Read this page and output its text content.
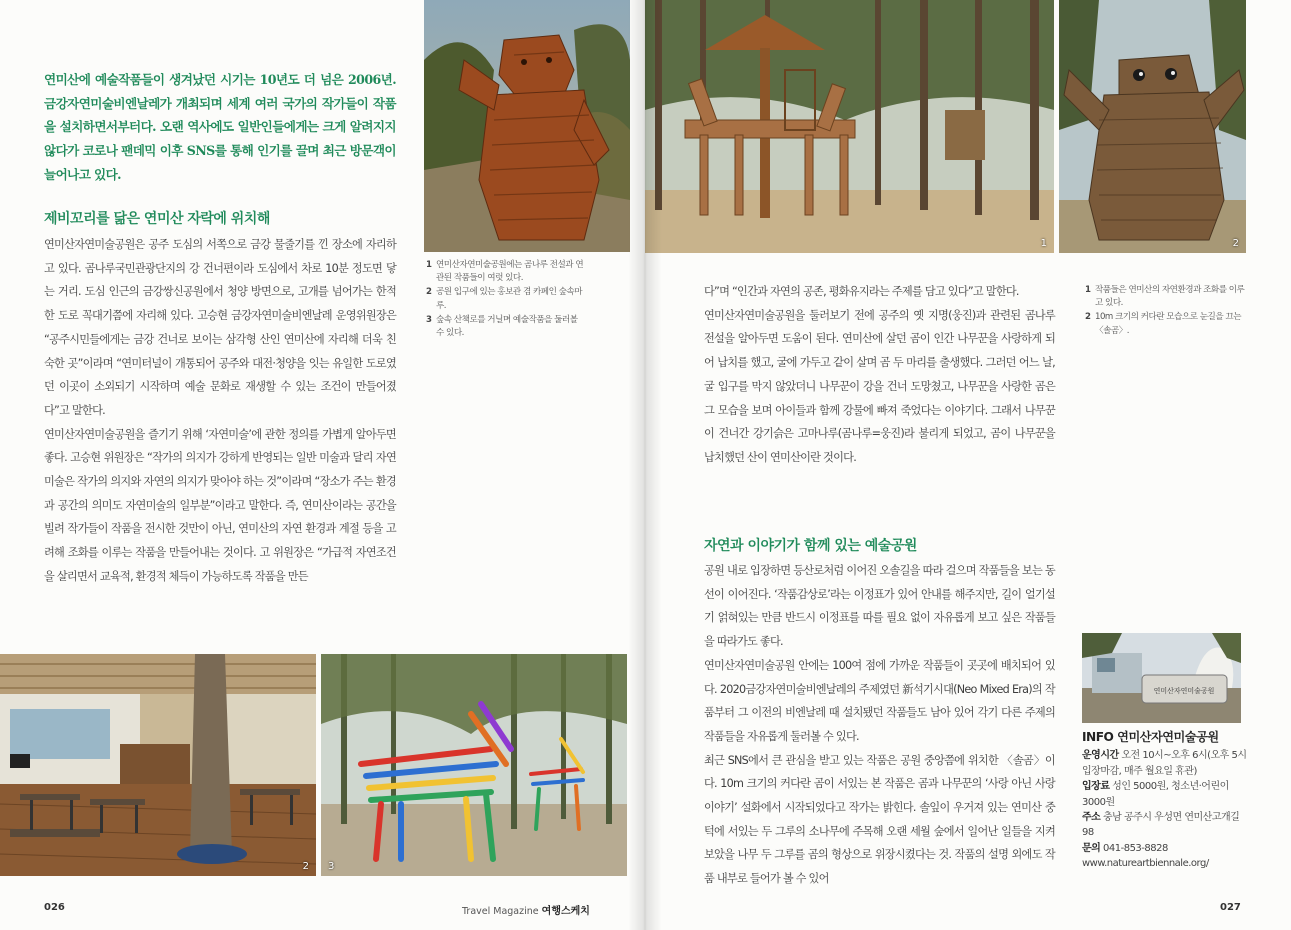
2 3
1	2
연미산자연미술공원
연미산에 예술작품들이 생겨났던 시기는 10년도 더 넘은 2006년. 금강자연미술비엔날레가 개최되며 세계 여러 국가의 작가들이 작품을 설치하면서부터다. 오랜 역사에도 일반인들에게는 크게 알려지지 않다가 코로나 팬데믹 이후 SNS를 통해 인기를 끌며 최근 방문객이 늘어나고 있다.
제비꼬리를 닮은 연미산 자락에 위치해

연미산자연미술공원은 공주 도심의 서쪽으로 금강 물줄기를 낀 장소에 자리하고 있다. 곰나루국민관광단지의 강 건너편이라 도심에서 차로 10분 정도면 닿는 거리. 도심 인근의 금강쌍신공원에서 청양 방면으로, 고개를 넘어가는 한적한 도로 꼭대기쯤에 자리해 있다. 고승현 금강자연미술비엔날레 운영위원장은 “공주시민들에게는 금강 건너로 보이는 삼각형 산인 연미산에 자리해 더욱 친숙한 곳”이라며 “연미터널이 개통되어 공주와 대전·청양을 잇는 유일한 도로였던 이곳이 소외되기 시작하며 예술 문화로 재생할 수 있는 조건이 만들어졌다”고 말한다.

연미산자연미술공원을 즐기기 위해 ‘자연미술’에 관한 정의를 가볍게 알아두면 좋다. 고승현 위원장은 “작가의 의지가 강하게 반영되는 일반 미술과 달리 자연미술은 작가의 의지와 자연의 의지가 맞아야 하는 것”이라며 “장소가 주는 환경과 공간의 의미도 자연미술의 일부분”이라고 말한다. 즉, 연미산이라는 공간을 빌려 작가들이 작품을 전시한 것만이 아닌, 연미산의 자연 환경과 계절 등을 고려해 조화를 이루는 작품을 만들어내는 것이다. 고 위원장은 “가급적 자연조건을 살리면서 교육적, 환경적 체득이 가능하도록 작품을 만든

1 연미산자연미술공원에는 곰나루 전설과 연관된 작품들이 여럿 있다.
2 공원 입구에 있는 홍보관 겸 카페인 숲속마루.
3 숲속 산책로를 거닐며 예술작품을 둘러볼 수 있다.

다”며 “인간과 자연의 공존, 평화유지라는 주제를 담고 있다”고 말한다.

연미산자연미술공원을 둘러보기 전에 공주의 옛 지명(웅진)과 관련된 곰나루 전설을 알아두면 도움이 된다. 연미산에 살던 곰이 인간 나무꾼을 사랑하게 되어 납치를 했고, 굴에 가두고 같이 살며 곰 두 마리를 출생했다. 그러던 어느 날, 굴 입구를 막지 않았더니 나무꾼이 강을 건너 도망쳤고, 나무꾼을 사랑한 곰은 그 모습을 보며 아이들과 함께 강물에 빠져 죽었다는 이야기다. 그래서 나무꾼이 건너간 강기슭은 고마나루(곰나루=웅진)라 불리게 되었고, 곰이 나무꾼을 납치했던 산이 연미산이란 것이다.

1 작품들은 연미산의 자연환경과 조화를 이루고 있다.
2 10m 크기의 커다란 모습으로 눈길을 끄는 〈솔곰〉.
자연과 이야기가 함께 있는 예술공원

공원 내로 입장하면 등산로처럼 이어진 오솔길을 따라 걸으며 작품들을 보는 동선이 이어진다. ‘작품감상로’라는 이정표가 있어 안내를 해주지만, 길이 얼기설기 얽혀있는 만큼 반드시 이정표를 따를 필요 없이 자유롭게 보고 싶은 작품들을 따라가도 좋다.

연미산자연미술공원 안에는 100여 점에 가까운 작품들이 곳곳에 배치되어 있다. 2020금강자연미술비엔날레의 주제였던 新석기시대(Neo Mixed Era)의 작품부터 그 이전의 비엔날레 때 설치됐던 작품들도 남아 있어 각기 다른 주제의 작품들을 자유롭게 둘러볼 수 있다.

최근 SNS에서 큰 관심을 받고 있는 작품은 공원 중앙쯤에 위치한 〈솔곰〉이다. 10m 크기의 커다란 곰이 서있는 본 작품은 곰과 나무꾼의 ‘사랑 아닌 사랑이야기’ 설화에서 시작되었다고 작가는 밝힌다. 솔잎이 우거져 있는 연미산 중턱에 서있는 두 그루의 소나무에 주목해 오랜 세월 숲에서 일어난 일들을 지켜보았을 나무 두 그루를 곰의 형상으로 위장시켰다는 것. 작품의 설명 외에도 작품 내부로 들어가 볼 수 있어

INFO 연미산자연미술공원
운영시간 오전 10시~오후 6시(오후 5시 입장마감, 매주 월요일 휴관)
입장료 성인 5000원, 청소년·어린이 3000원
주소 충남 공주시 우성면 연미산고개길 98
문의 041-853-8828
www.natureartbiennale.org/
026	Travel Magazine 여행스케치	027
